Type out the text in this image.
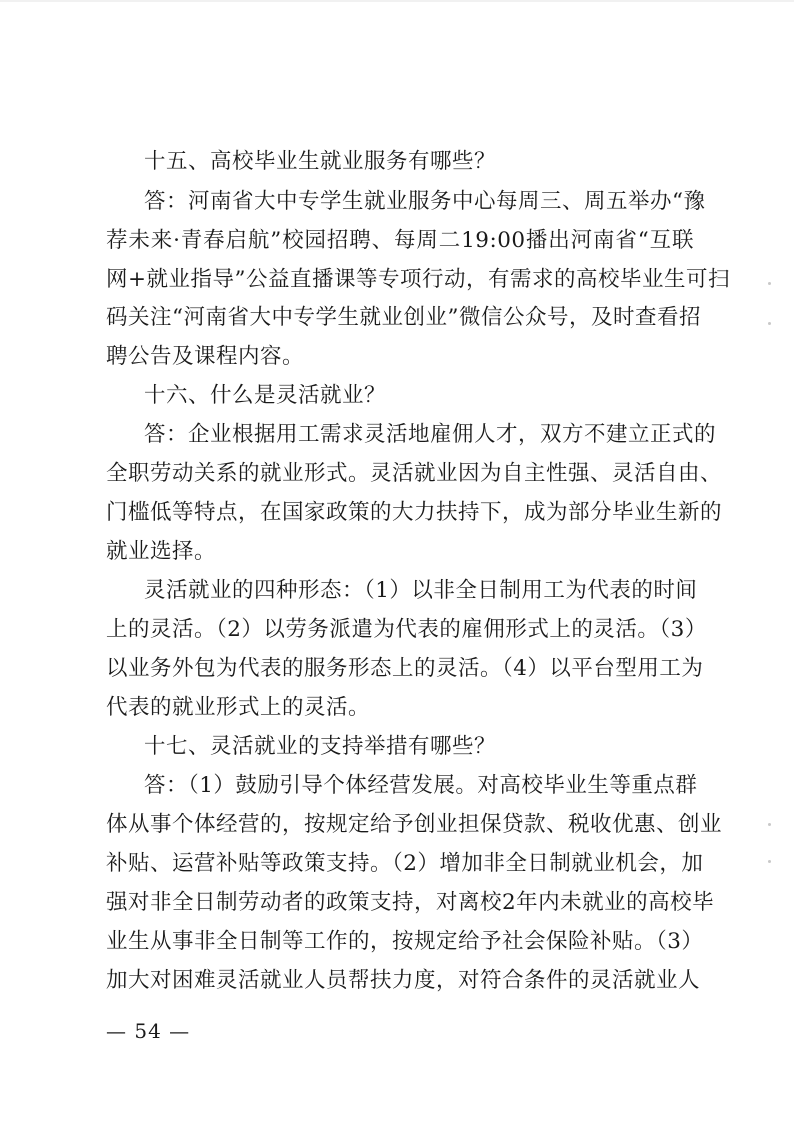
十五、高校毕业生就业服务有哪些？
答：河南省大中专学生就业服务中心每周三、周五举办“豫
荐未来·青春启航”校园招聘、每周二19:00播出河南省“互联
网+就业指导”公益直播课等专项行动，有需求的高校毕业生可扫
码关注“河南省大中专学生就业创业”微信公众号，及时查看招
聘公告及课程内容。
十六、什么是灵活就业？
答：企业根据用工需求灵活地雇佣人才，双方不建立正式的
全职劳动关系的就业形式。灵活就业因为自主性强、灵活自由、
门槛低等特点，在国家政策的大力扶持下，成为部分毕业生新的
就业选择。
灵活就业的四种形态：（1）以非全日制用工为代表的时间
上的灵活。（2）以劳务派遣为代表的雇佣形式上的灵活。（3）
以业务外包为代表的服务形态上的灵活。（4）以平台型用工为
代表的就业形式上的灵活。
十七、灵活就业的支持举措有哪些？
答：（1）鼓励引导个体经营发展。对高校毕业生等重点群
体从事个体经营的，按规定给予创业担保贷款、税收优惠、创业
补贴、运营补贴等政策支持。（2）增加非全日制就业机会，加
强对非全日制劳动者的政策支持，对离校2年内未就业的高校毕
业生从事非全日制等工作的，按规定给予社会保险补贴。（3）
加大对困难灵活就业人员帮扶力度，对符合条件的灵活就业人
— 54 —
